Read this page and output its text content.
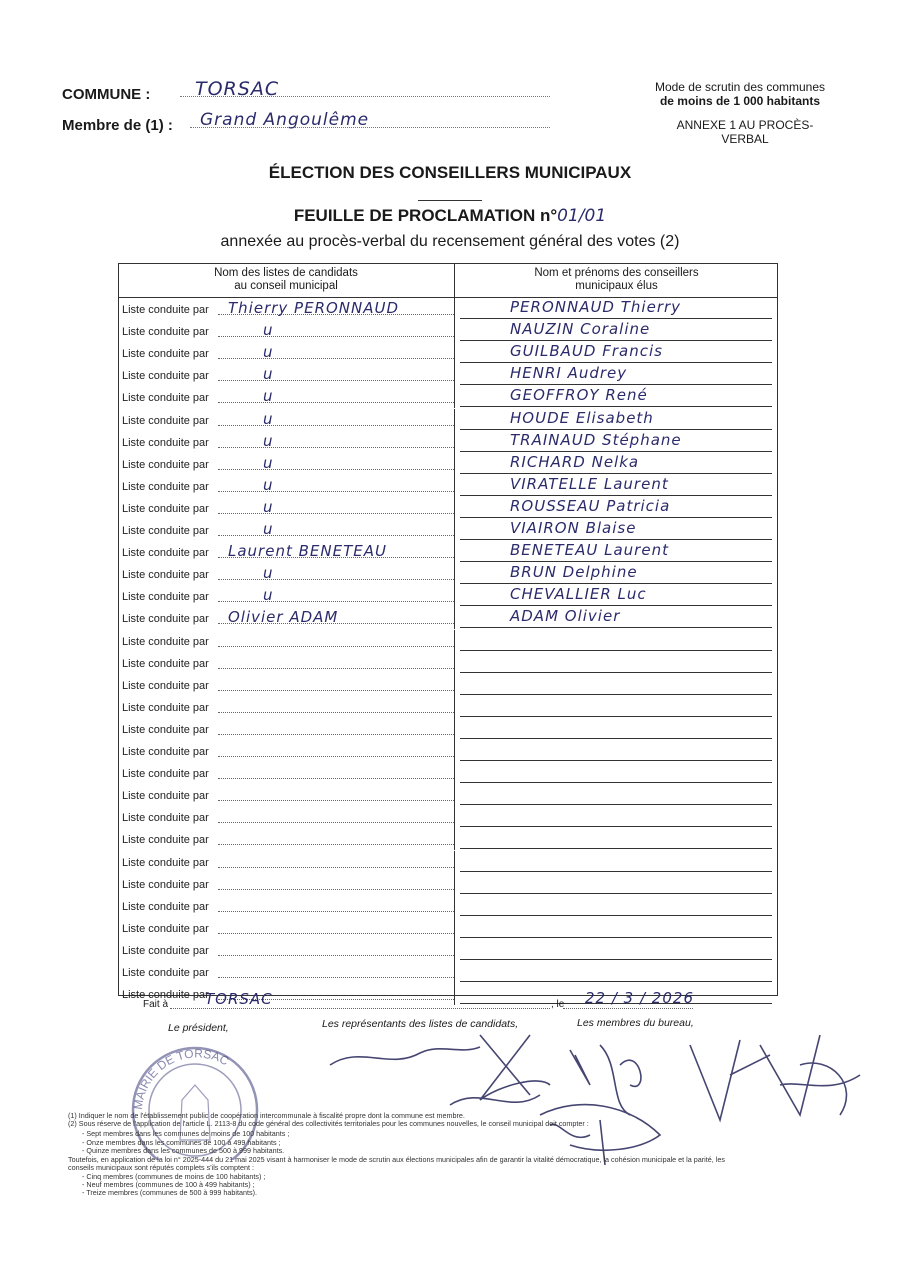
COMMUNE : TORSAC
Membre de (1) : Grand Angoulême
Mode de scrutin des communes
de moins de 1 000 habitants
ANNEXE 1 AU PROCÈS-
VERBAL
ÉLECTION DES CONSEILLERS MUNICIPAUX
FEUILLE DE PROCLAMATION n°01/01
annexée au procès-verbal du recensement général des votes (2)
Nom des listes de candidats
au conseil municipal
Nom et prénoms des conseillers
municipaux élus
Liste conduite par Thierry PERONNAUD	PERONNAUD Thierry
Liste conduite par	u	NAUZIN Coraline
Liste conduite par	u	GUILBAUD Francis
Liste conduite par	u	HENRI Audrey
Liste conduite par	u	GEOFFROY René
Liste conduite par	u	HOUDE Elisabeth
Liste conduite par	u	TRAINAUD Stéphane
Liste conduite par	u	RICHARD Nelka
Liste conduite par	u	VIRATELLE Laurent
Liste conduite par	u	ROUSSEAU Patricia
Liste conduite par	u	VIAIRON Blaise
Liste conduite par Laurent BENETEAU	BENETEAU Laurent
Liste conduite par	u	BRUN Delphine
Liste conduite par	u	CHEVALLIER Luc
Liste conduite par Olivier ADAM	ADAM Olivier
Liste conduite par
Liste conduite par
Liste conduite par
Liste conduite par
Liste conduite par
Liste conduite par
Liste conduite par
Liste conduite par
Liste conduite par
Liste conduite par
Liste conduite par
Liste conduite par
Liste conduite par
Liste conduite par
Liste conduite par
Liste conduite par
Liste conduite par
Fait à TORSAC	, le 22 / 3 / 2026
Le président,	Les représentants des listes de candidats,	Les membres du bureau,
MAIRIE DE TORSAC
(1) Indiquer le nom de l'établissement public de coopération intercommunale à fiscalité propre dont la commune est membre.
(2) Sous réserve de l'application de l'article L. 2113-8 du code général des collectivités territoriales pour les communes nouvelles, le conseil municipal doit compter :
- Sept membres dans les communes de moins de 100 habitants ;
- Onze membres dans les communes de 100 à 499 habitants ;
- Quinze membres dans les communes de 500 à 999 habitants.
Toutefois, en application de la loi n° 2025-444 du 21 mai 2025 visant à harmoniser le mode de scrutin aux élections municipales afin de garantir la vitalité démocratique, la cohésion municipale et la parité, les
conseils municipaux sont réputés complets s'ils comptent :
- Cinq membres (communes de moins de 100 habitants) ;
- Neuf membres (communes de 100 à 499 habitants) ;
- Treize membres (communes de 500 à 999 habitants).
